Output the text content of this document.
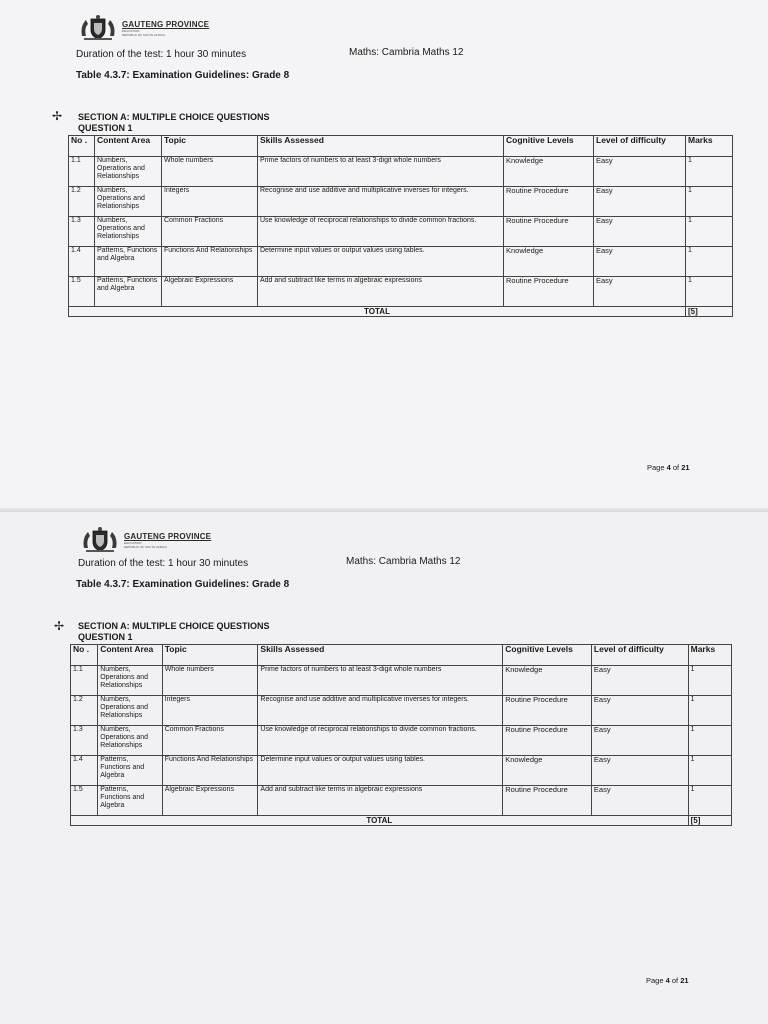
GAUTENG PROVINCE
EDUCATION
REPUBLIC OF SOUTH AFRICA
Duration of the test: 1 hour 30 minutes	Maths: Cambria Maths 12
Table 4.3.7: Examination Guidelines: Grade 8
✢ SECTION A: MULTIPLE CHOICE QUESTIONS
QUESTION 1
No .	Content Area	Topic	Skills Assessed	Cognitive Levels	Level of difficulty	Marks
1.1	Numbers, Operations and Relationships	Whole numbers	Prime factors of numbers to at least 3-digit whole numbers	Knowledge	Easy	1
1.2	Numbers, Operations and Relationships	Integers	Recognise and use additive and multiplicative inverses for integers.	Routine Procedure	Easy	1
1.3	Numbers, Operations and Relationships	Common Fractions	Use knowledge of reciprocal relationships to divide common fractions.	Routine Procedure	Easy	1
1.4	Patterns, Functions and Algebra	Functions And Relationships	Determine input values or output values using tables.	Knowledge	Easy	1
1.5	Patterns, Functions and Algebra	Algebraic Expressions	Add and subtract like terms in algebraic expressions	Routine Procedure	Easy	1
TOTAL						[5]
Page 4 of 21
GAUTENG PROVINCE
EDUCATION
REPUBLIC OF SOUTH AFRICA
Duration of the test: 1 hour 30 minutes	Maths: Cambria Maths 12
Table 4.3.7: Examination Guidelines: Grade 8
✢ SECTION A: MULTIPLE CHOICE QUESTIONS
QUESTION 1
No .	Content Area	Topic	Skills Assessed	Cognitive Levels	Level of difficulty	Marks
1.1	Numbers, Operations and Relationships	Whole numbers	Prime factors of numbers to at least 3-digit whole numbers	Knowledge	Easy	1
1.2	Numbers, Operations and Relationships	Integers	Recognise and use additive and multiplicative inverses for integers.	Routine Procedure	Easy	1
1.3	Numbers, Operations and Relationships	Common Fractions	Use knowledge of reciprocal relationships to divide common fractions.	Routine Procedure	Easy	1
1.4	Patterns, Functions and Algebra	Functions And Relationships	Determine input values or output values using tables.	Knowledge	Easy	1
1.5	Patterns, Functions and Algebra	Algebraic Expressions	Add and subtract like terms in algebraic expressions	Routine Procedure	Easy	1
TOTAL						[5]
Page 4 of 21
